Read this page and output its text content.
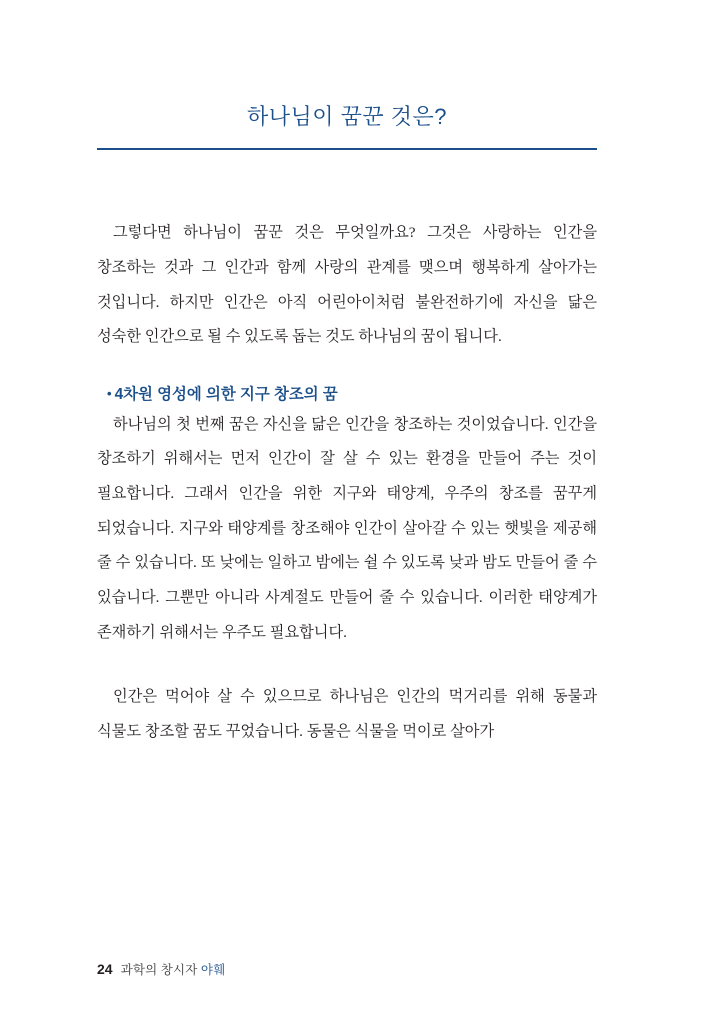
하나님이 꿈꾼 것은?

그렇다면 하나님이 꿈꾼 것은 무엇일까요? 그것은 사랑하는 인간을 창조하는 것과 그 인간과 함께 사랑의 관계를 맺으며 행복하게 살아가는 것입니다. 하지만 인간은 아직 어린아이처럼 불완전하기에 자신을 닮은 성숙한 인간으로 될 수 있도록 돕는 것도 하나님의 꿈이 됩니다.

• 4차원 영성에 의한 지구 창조의 꿈

하나님의 첫 번째 꿈은 자신을 닮은 인간을 창조하는 것이었습니다. 인간을 창조하기 위해서는 먼저 인간이 잘 살 수 있는 환경을 만들어 주는 것이 필요합니다. 그래서 인간을 위한 지구와 태양계, 우주의 창조를 꿈꾸게 되었습니다. 지구와 태양계를 창조해야 인간이 살아갈 수 있는 햇빛을 제공해 줄 수 있습니다. 또 낮에는 일하고 밤에는 쉴 수 있도록 낮과 밤도 만들어 줄 수 있습니다. 그뿐만 아니라 사계절도 만들어 줄 수 있습니다. 이러한 태양계가 존재하기 위해서는 우주도 필요합니다.

인간은 먹어야 살 수 있으므로 하나님은 인간의 먹거리를 위해 동물과 식물도 창조할 꿈도 꾸었습니다. 동물은 식물을 먹이로 살아가

24 과학의 창시자 야훼
